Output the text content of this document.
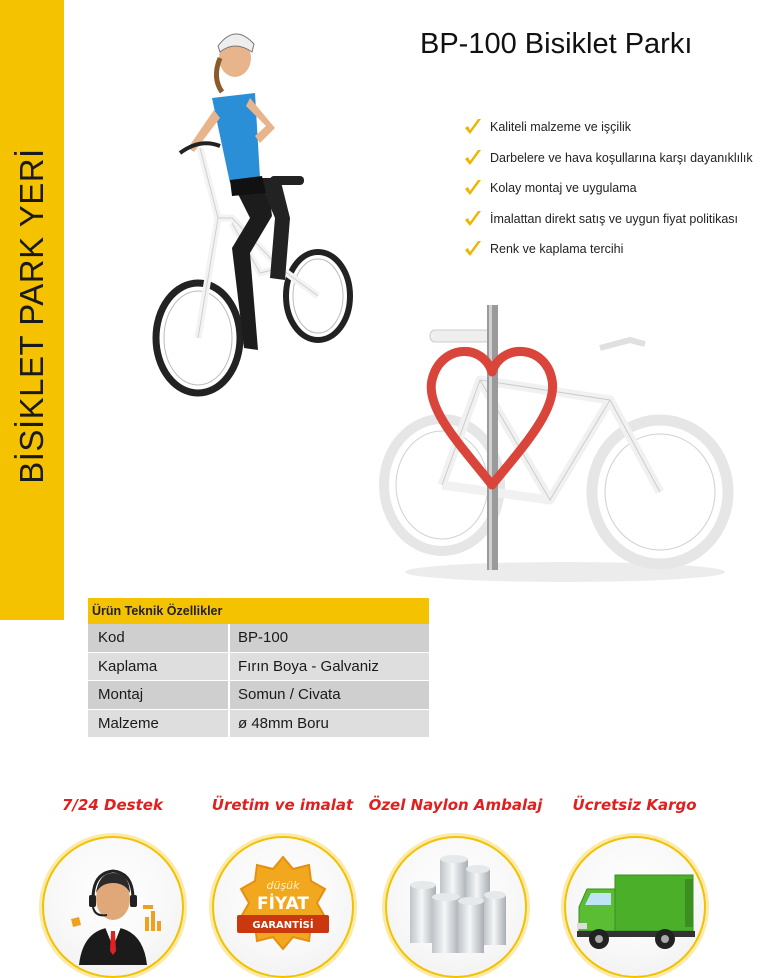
BİSİKLET PARK YERİ
BP-100 Bisiklet Parkı
Kaliteli malzeme ve işçilik
Darbelere ve hava koşullarına karşı dayanıklılık
Kolay montaj ve uygulama
İmalattan direkt satış ve uygun fiyat politikası
Renk ve kaplama tercihi
Ürün Teknik Özellikler
Kod	BP-100
Kaplama	Fırın Boya - Galvaniz
Montaj	Somun / Civata
Malzeme	ø 48mm Boru
7/24 Destek	Üretim ve imalat
düşük
FİYAT
GARANTİSİ
Özel Naylon Ambalaj	Ücretsiz Kargo
